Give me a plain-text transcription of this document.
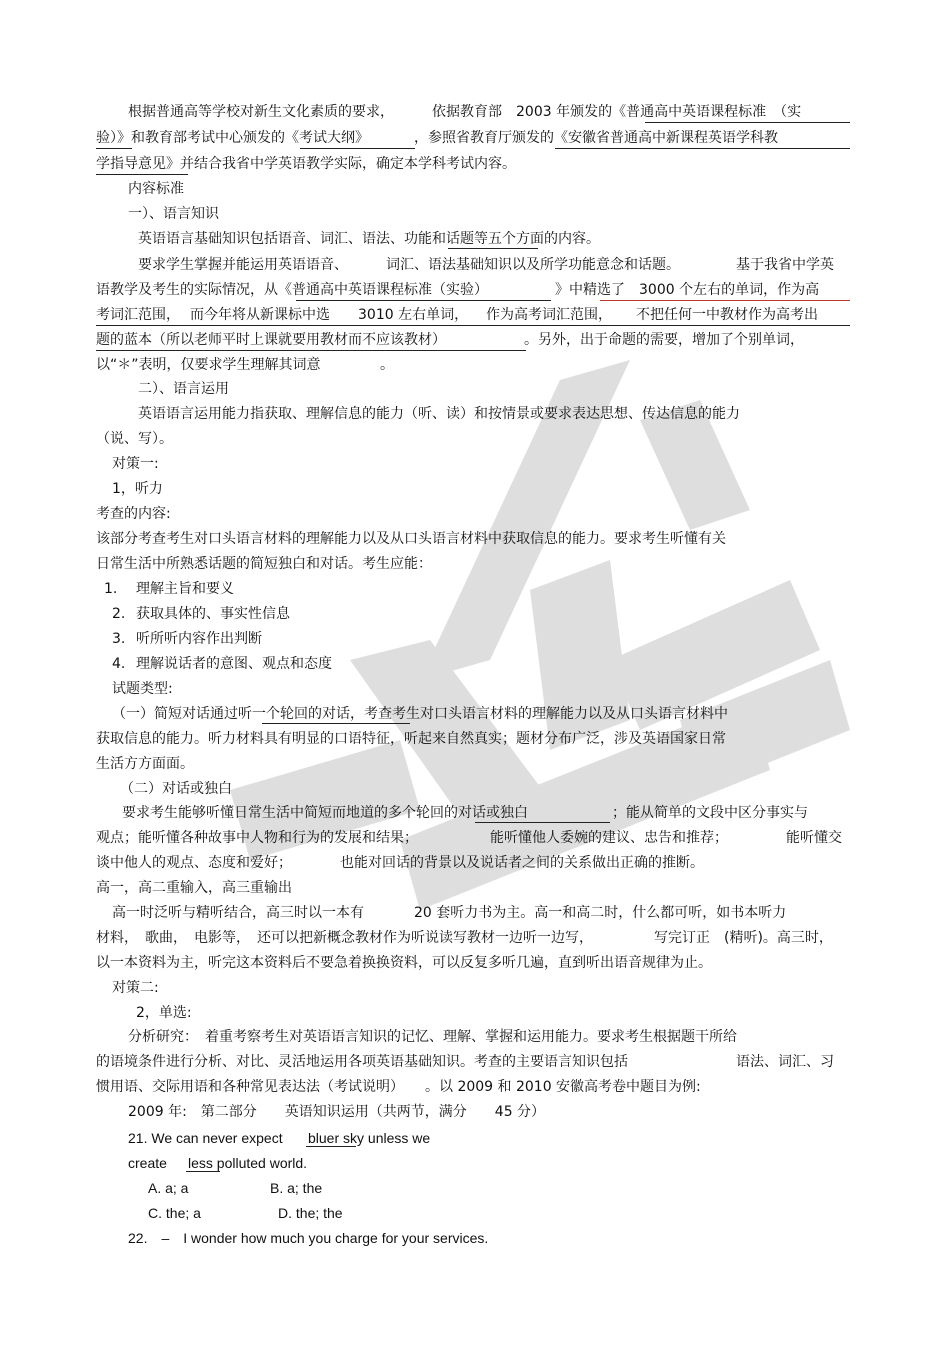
根据普通高等学校对新生文化素质的要求，	依据教育部　2003 年颁发的《普通高中英语课程标准　（实
验）》和教育部考试中心颁发的《考试大纲》	，参照省教育厅颁发的《安徽省普通高中新课程英语学科教
学指导意见》并结合我省中学英语教学实际，确定本学科考试内容。
内容标准
一）、语言知识
英语语言基础知识包括语音、词汇、语法、功能和话题等五个方面的内容。
要求学生掌握并能运用英语语音、	词汇、语法基础知识以及所学功能意念和话题。	基于我省中学英
语教学及考生的实际情况，从《普通高中英语课程标准（实验）	》中精选了　3000 个左右的单词，作为高
考词汇范围， 而今年将从新课标中选　　3010 左右单词， 作为高考词汇范围， 不把任何一中教材作为高考出
题的蓝本（所以老师平时上课就要用教材而不应该教材）	。另外，出于命题的需要，增加了个别单词，
以“＊”表明，仅要求学生理解其词意	。
二）、语言运用
英语语言运用能力指获取、理解信息的能力（听、读）和按情景或要求表达思想、传达信息的能力
（说、写）。
对策一:
1，听力
考查的内容:
该部分考查考生对口头语言材料的理解能力以及从口头语言材料中获取信息的能力。要求考生听懂有关
日常生活中所熟悉话题的简短独白和对话。考生应能：
1. 理解主旨和要义
2. 获取具体的、事实性信息
3. 听所听内容作出判断
4. 理解说话者的意图、观点和态度
试题类型:
（一）简短对话通过听一个轮回的对话，考查考生对口头语言材料的理解能力以及从口头语言材料中
获取信息的能力。听力材料具有明显的口语特征，听起来自然真实；题材分布广泛，涉及英语国家日常
生活方方面面。
（二）对话或独白
要求考生能够听懂日常生活中简短而地道的多个轮回的对话或独白	；能从简单的文段中区分事实与
观点；能听懂各种故事中人物和行为的发展和结果；	能听懂他人委婉的建议、忠告和推荐；	能听懂交
谈中他人的观点、态度和爱好；	也能对回话的背景以及说话者之间的关系做出正确的推断。
高一，高二重输入，高三重输出
高一时泛听与精听结合，高三时以一本有	20 套听力书为主。高一和高二时，什么都可听，如书本听力
材料，　歌曲，　电影等，　还可以把新概念教材作为听说读写教材一边听一边写，	写完订正　(精听)。高三时，
以一本资料为主，听完这本资料后不要急着换换资料，可以反复多听几遍，直到听出语音规律为止。
对策二:
2，单选:
分析研究：　着重考察考生对英语语言知识的记忆、理解、掌握和运用能力。要求考生根据题干所给
的语境条件进行分析、对比、灵活地运用各项英语基础知识。考查的主要语言知识包括	语法、词汇、习
惯用语、交际用语和各种常见表达法（考试说明）　　。以 2009 和 2010 安徽高考卷中题目为例:
2009 年:　第二部分　　英语知识运用（共两节，满分　　45 分）
21. We can never expect bluer sky unless we
create less polluted world.
A. a; a	B. a; the
C. the; a	D. the; the
22.　–　I wonder how much you charge for your services.
